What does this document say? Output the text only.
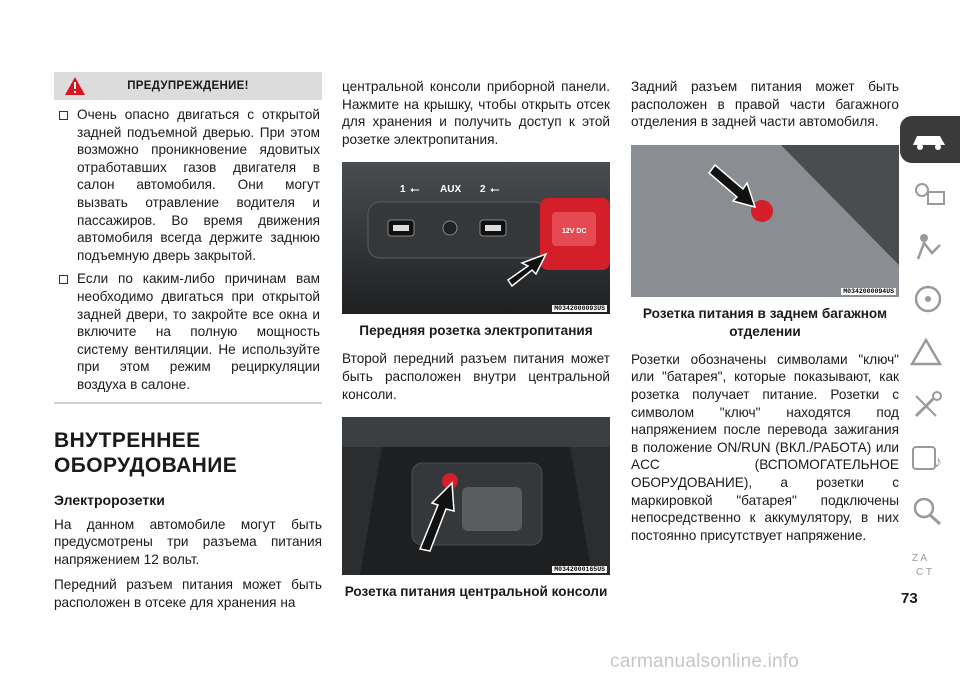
ПРЕДУПРЕЖДЕНИЕ!

Очень опасно двигаться с открытой задней подъемной дверью. При этом возможно проникновение ядовитых отработавших газов двигателя в салон автомобиля. Они могут вызвать отравление водителя и пассажиров. Во время движения автомобиля всегда держите заднюю подъемную дверь закрытой.

Если по каким-либо причинам вам необходимо двигаться при открытой задней двери, то закройте все окна и включите на полную мощность систему вентиляции. Не используйте при этом режим рециркуляции воздуха в салоне.

ВНУТРЕННЕЕ ОБОРУДОВАНИЕ
Электророзетки

На данном автомобиле могут быть предусмотрены три разъема питания напряжением 12 вольт.

Передний разъем питания может быть расположен в отсеке для хранения на

центральной консоли приборной панели. Нажмите на крышку, чтобы открыть отсек для хранения и получить доступ к этой розетке электропитания.

1 ⭠ AUX 2 ⭠
12V DC
M0342000093US
Передняя розетка электропитания

Второй передний разъем питания может быть расположен внутри центральной консоли.

M0342000165US
Розетка питания центральной консоли

Задний разъем питания может быть расположен в правой части багажного отделения в задней части автомобиля.

M0342000094US
Розетка питания в заднем багажном отделении

Розетки обозначены символами "ключ" или "батарея", которые показывают, как розетка получает питание. Розетки с символом "ключ" находятся под напряжением после перевода зажигания в положение ON/RUN (ВКЛ./РАБОТА) или ACC (ВСПОМОГАТЕЛЬНОЕ ОБОРУДОВАНИЕ), а розетки с маркировкой "батарея" подключены непосредственно к аккумулятору, в них постоянно присутствует напряжение.

♪
Z A
C T
73
carmanualsonline.info
